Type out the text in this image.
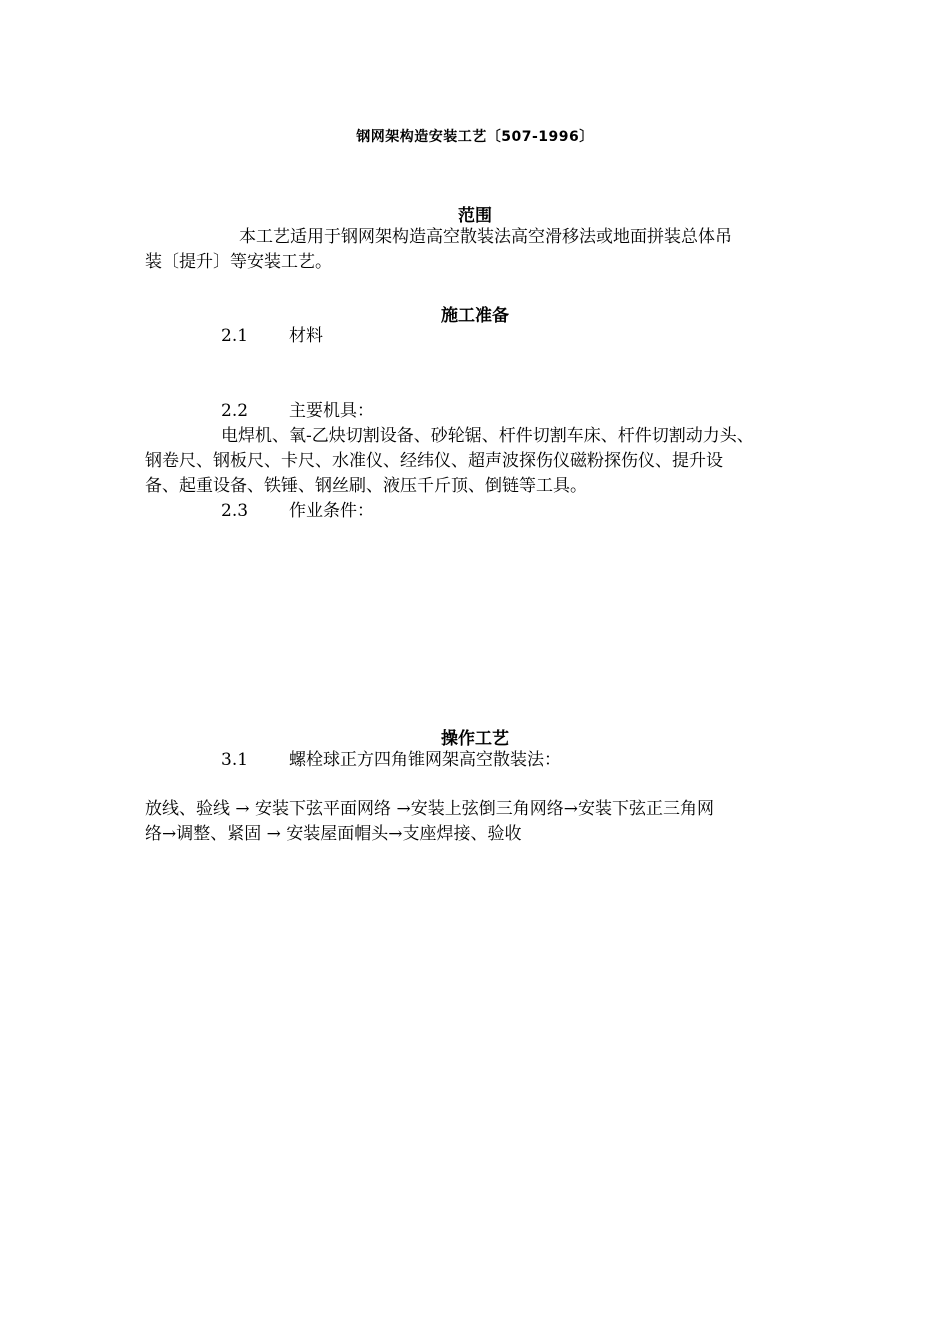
钢网架构造安装工艺〔507-1996〕
范围
本工艺适用于钢网架构造高空散装法高空滑移法或地面拼装总体吊
装〔提升〕等安装工艺。
施工准备
2.1 材料
2.2 主要机具：
电焊机、氧-乙炔切割设备、砂轮锯、杆件切割车床、杆件切割动力头、
钢卷尺、钢板尺、卡尺、水准仪、经纬仪、超声波探伤仪磁粉探伤仪、提升设
备、起重设备、铁锤、钢丝刷、液压千斤顶、倒链等工具。
2.3 作业条件：
操作工艺
3.1 螺栓球正方四角锥网架高空散装法：
放线、验线 → 安装下弦平面网络 →安装上弦倒三角网络→安装下弦正三角网
络→调整、紧固 → 安装屋面帽头→支座焊接、验收
